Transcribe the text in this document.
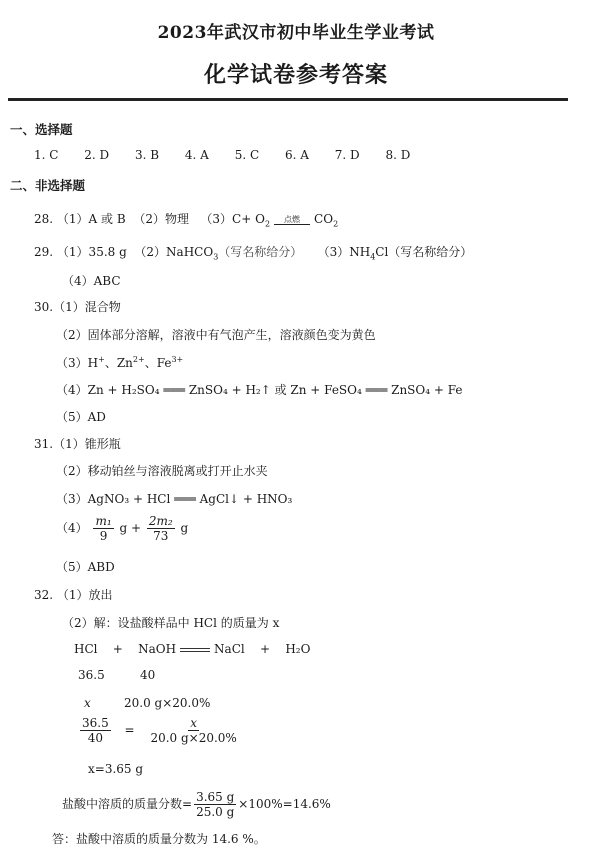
2023年武汉市初中毕业生学业考试
化学试卷参考答案
一、选择题
1. C 2. D 3. B 4. A 5. C 6. A 7. D 8. D
二、非选择题
28. （1）A 或 B （2）物理 $(3)C+ O_2$
点燃 $CO_2$
29. （1）35.8 g （2）NaHCO$_3$（写名称给分） $(3)NH_4Cl$（写名称给分）
（4）ABC
30.（1）混合物
（2）固体部分溶解，溶液中有气泡产生，溶液颜色变为黄色
（3）H+、$Zn^{2+}$、$Fe^{3+}$
（4）Zn + H₂SO₄ ═══ ZnSO₄ + H₂↑ 或 Zn + FeSO₄ ═══ ZnSO₄ + Fe
（5）AD
31.（1）锥形瓶
（2）移动铂丝与溶液脱离或打开止水夹
（3）AgNO₃ + HCl ═══ AgCl↓ + HNO₃
$(4) \frac{\text{m₁}}{9}$ $g + \frac{\text{2m₂}}{73}$ g
（5）ABD
32. （1）放出
（2）解：设盐酸样品中 HCl 的质量为 x
HCl + NaOH	NaCl + H₂O
36.5	40
x	20.0 g×20.0%
$\frac{36.5}{40} = \frac{x}{20.0 g\times 20.0\%}$
x=3.65 g
盐酸中溶质的质量分数= $\frac{3.65 g}{25.0 g} \times 100\%=14.6\%$
答：盐酸中溶质的质量分数为 14.6 %。
